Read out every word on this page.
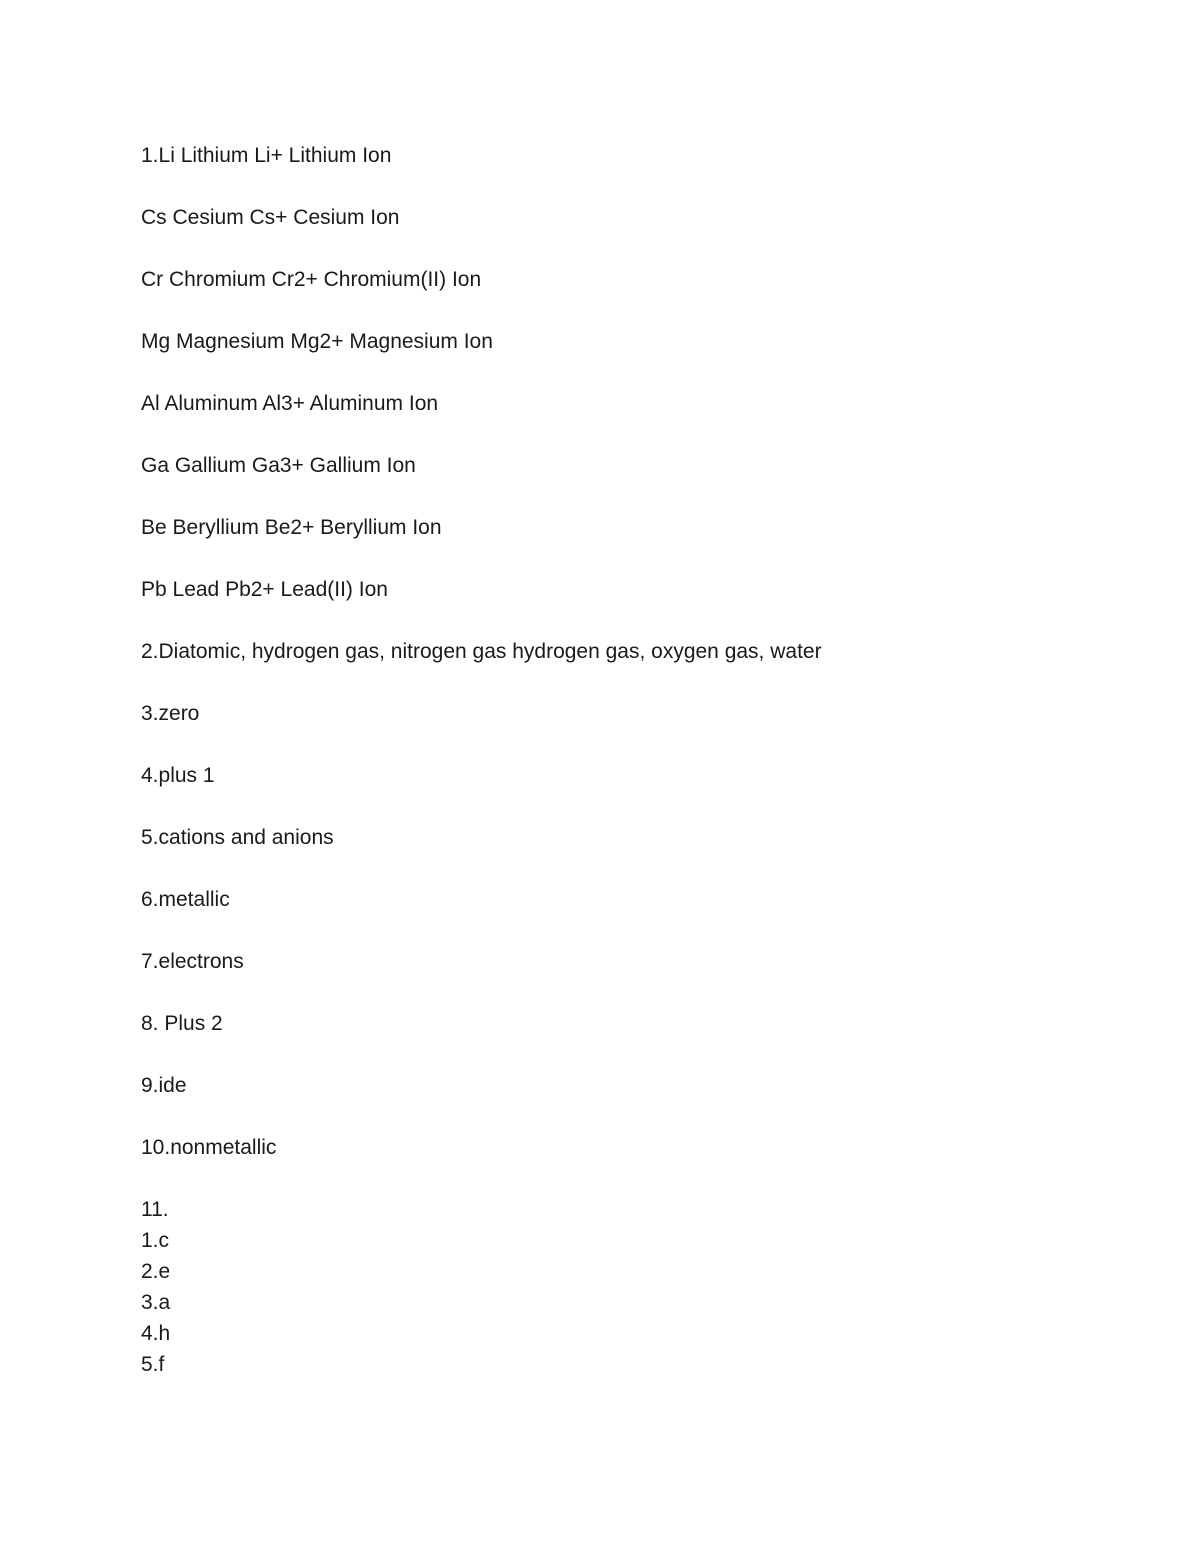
1.Li Lithium Li+ Lithium Ion

Cs Cesium Cs+ Cesium Ion

Cr Chromium Cr2+ Chromium(II) Ion

Mg Magnesium Mg2+ Magnesium Ion

Al Aluminum Al3+ Aluminum Ion

Ga Gallium Ga3+ Gallium Ion

Be Beryllium Be2+ Beryllium Ion

Pb Lead Pb2+ Lead(II) Ion

2.Diatomic, hydrogen gas, nitrogen gas hydrogen gas, oxygen gas, water

3.zero

4.plus 1

5.cations and anions

6.metallic

7.electrons

8. Plus 2

9.ide

10.nonmetallic

11.

1.c

2.e

3.a

4.h

5.f
